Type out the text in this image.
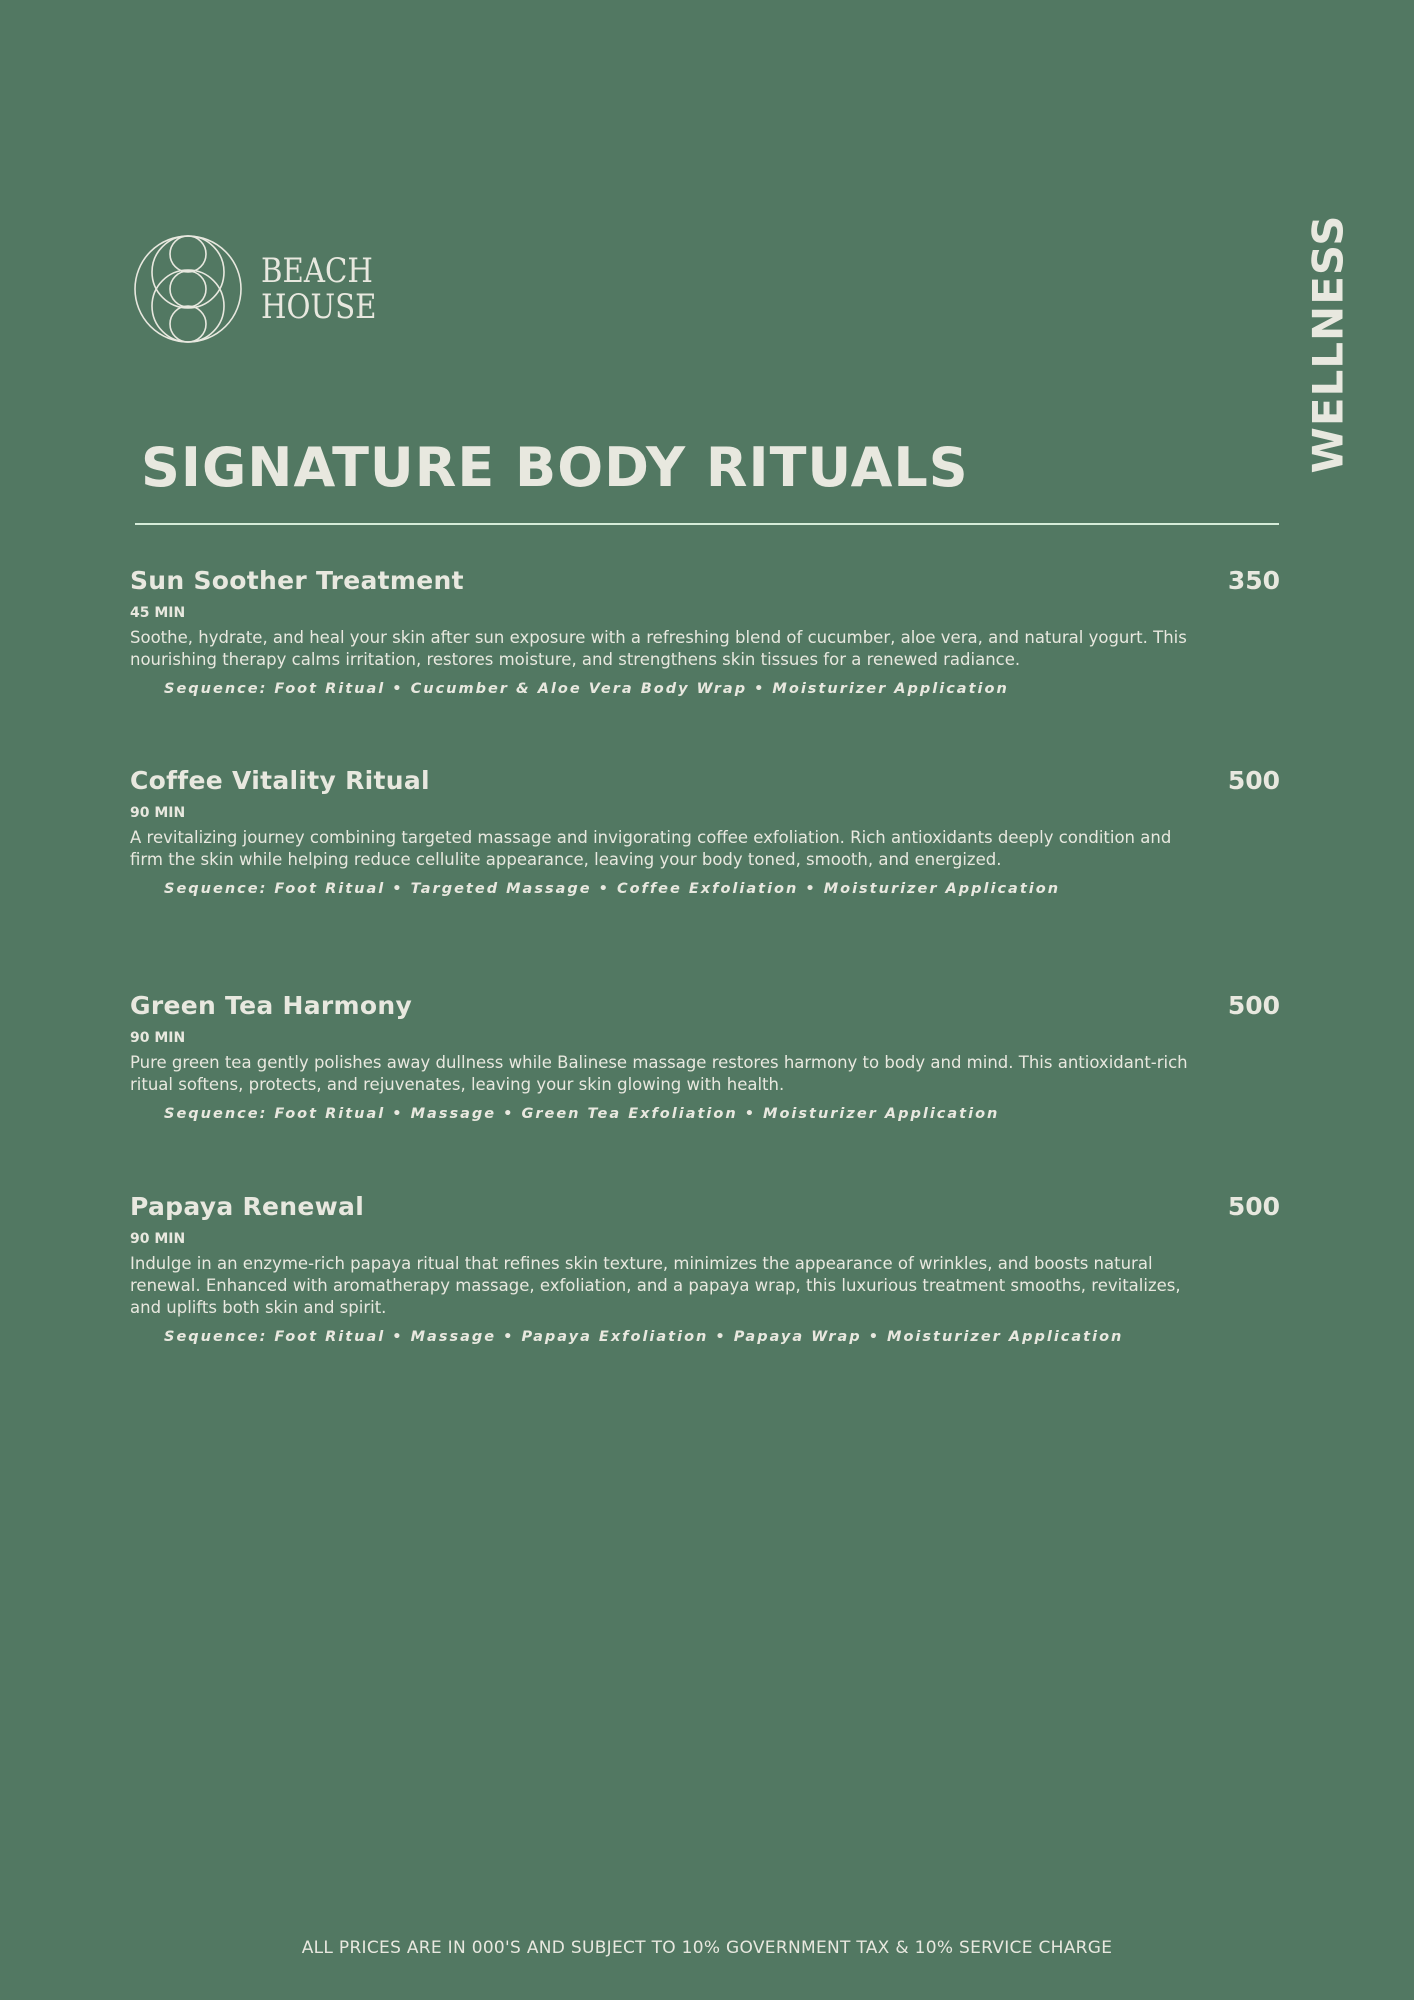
BEACH
HOUSE	WELLNESS
SIGNATURE BODY RITUALS
Sun Soother Treatment	350
45 MIN
Soothe, hydrate, and heal your skin after sun exposure with a refreshing blend of cucumber, aloe vera, and natural yogurt. This nourishing therapy calms irritation, restores moisture, and strengthens skin tissues for a renewed radiance.
Sequence: Foot Ritual • Cucumber & Aloe Vera Body Wrap • Moisturizer Application
Coffee Vitality Ritual	500
90 MIN
A revitalizing journey combining targeted massage and invigorating coffee exfoliation. Rich antioxidants deeply condition and firm the skin while helping reduce cellulite appearance, leaving your body toned, smooth, and energized.
Sequence: Foot Ritual • Targeted Massage • Coffee Exfoliation • Moisturizer Application
Green Tea Harmony	500
90 MIN
Pure green tea gently polishes away dullness while Balinese massage restores harmony to body and mind. This antioxidant-rich ritual softens, protects, and rejuvenates, leaving your skin glowing with health.
Sequence: Foot Ritual • Massage • Green Tea Exfoliation • Moisturizer Application
Papaya Renewal	500
90 MIN
Indulge in an enzyme-rich papaya ritual that refines skin texture, minimizes the appearance of wrinkles, and boosts natural renewal. Enhanced with aromatherapy massage, exfoliation, and a papaya wrap, this luxurious treatment smooths, revitalizes, and uplifts both skin and spirit.
Sequence: Foot Ritual • Massage • Papaya Exfoliation • Papaya Wrap • Moisturizer Application
ALL PRICES ARE IN 000'S AND SUBJECT TO 10% GOVERNMENT TAX & 10% SERVICE CHARGE
